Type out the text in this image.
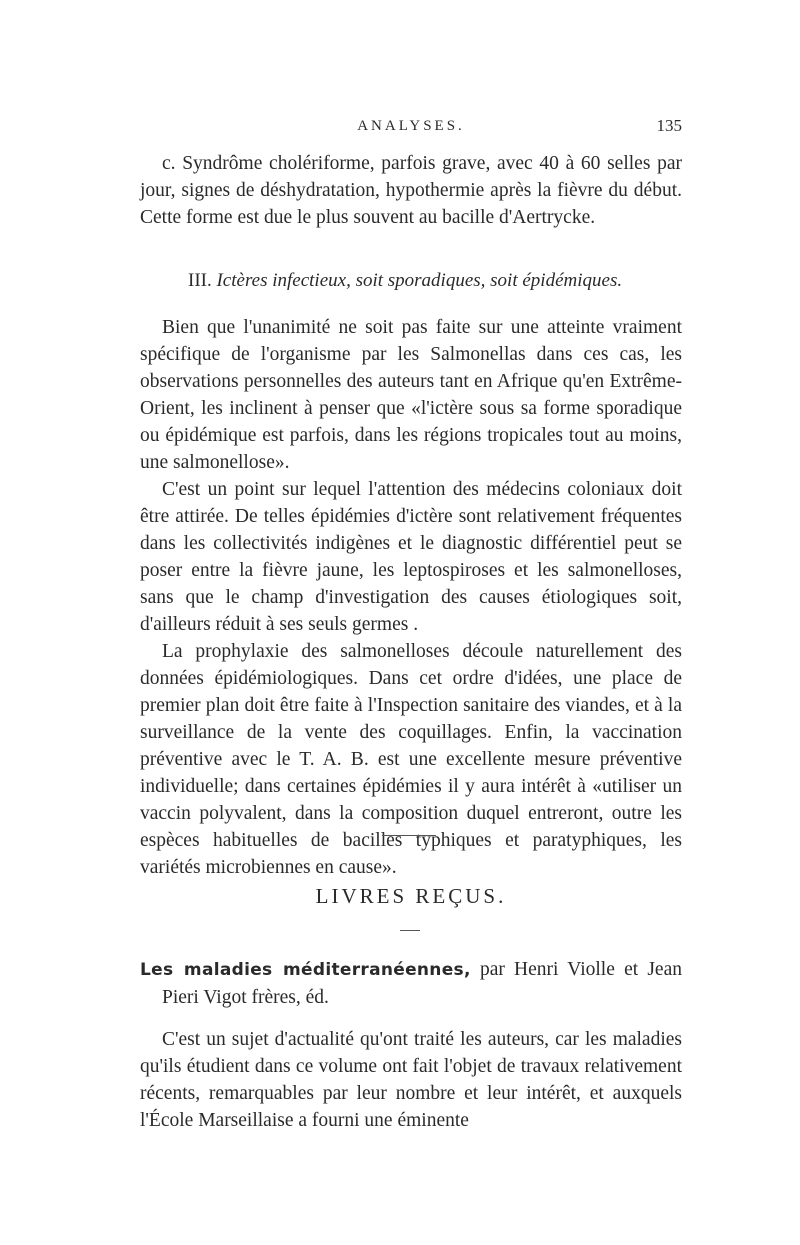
ANALYSES.	135

c. Syndrôme cholériforme, parfois grave, avec 40 à 60 selles par jour, signes de déshydratation, hypothermie après la fièvre du début. Cette forme est due le plus souvent au bacille d'Aertrycke.

III. Ictères infectieux, soit sporadiques, soit épidémiques.

Bien que l'unanimité ne soit pas faite sur une atteinte vraiment spécifique de l'organisme par les Salmonellas dans ces cas, les observations personnelles des auteurs tant en Afrique qu'en Extrême-Orient, les inclinent à penser que «l'ictère sous sa forme sporadique ou épidémique est parfois, dans les régions tropicales tout au moins, une salmonellose».

C'est un point sur lequel l'attention des médecins coloniaux doit être attirée. De telles épidémies d'ictère sont relativement fréquentes dans les collectivités indigènes et le diagnostic différentiel peut se poser entre la fièvre jaune, les leptospiroses et les salmonelloses, sans que le champ d'investigation des causes étiologiques soit, d'ailleurs réduit à ses seuls germes .

La prophylaxie des salmonelloses découle naturellement des données épidémiologiques. Dans cet ordre d'idées, une place de premier plan doit être faite à l'Inspection sanitaire des viandes, et à la surveillance de la vente des coquillages. Enfin, la vaccination préventive avec le T. A. B. est une excellente mesure préventive individuelle; dans certaines épidémies il y aura intérêt à «utiliser un vaccin polyvalent, dans la composition duquel entreront, outre les espèces habituelles de bacilles typhiques et paratyphiques, les variétés microbiennes en cause».

LIVRES REÇUS.

Les maladies méditerranéennes, par Henri Violle et Jean Pieri Vigot frères, éd.

C'est un sujet d'actualité qu'ont traité les auteurs, car les maladies qu'ils étudient dans ce volume ont fait l'objet de travaux relativement récents, remarquables par leur nombre et leur intérêt, et auxquels l'École Marseillaise a fourni une éminente
